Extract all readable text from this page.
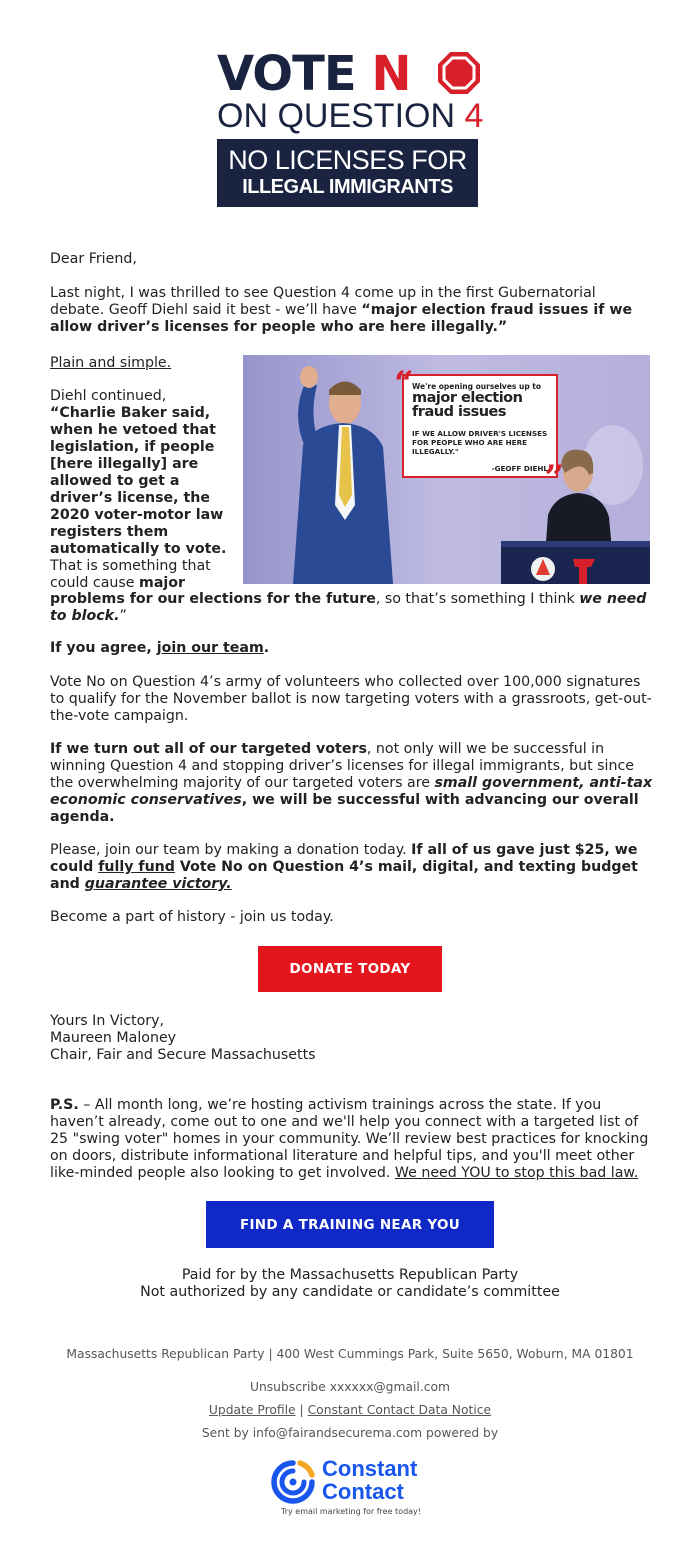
VOTE N
ON QUESTION 4
NO LICENSES FOR
ILLEGAL IMMIGRANTS

Dear Friend,

Last night, I was thrilled to see Question 4 come up in the first Gubernatorial debate. Geoff Diehl said it best - we’ll have “major election fraud issues if we allow driver’s licenses for people who are here illegally.”

Plain and simple.

“
We're opening ourselves up to
major election fraud issues
IF WE ALLOW DRIVER'S LICENSES FOR PEOPLE WHO ARE HERE ILLEGALLY."
-GEOFF DIEHL
”

Diehl continued,

“Charlie Baker said, when he vetoed that legislation, if people [here illegally] are allowed to get a driver’s license, the 2020 voter-motor law registers them automatically to vote.

That is something that could cause major

problems for our elections for the future, so that’s something I think we need to block.”

If you agree, join our team.

Vote No on Question 4’s army of volunteers who collected over 100,000 signatures to qualify for the November ballot is now targeting voters with a grassroots, get-out-the-vote campaign.

If we turn out all of our targeted voters, not only will we be successful in winning Question 4 and stopping driver’s licenses for illegal immigrants, but since the overwhelming majority of our targeted voters are small government, anti-tax economic conservatives, we will be successful with advancing our overall agenda.

Please, join our team by making a donation today. If all of us gave just $25, we could fully fund Vote No on Question 4’s mail, digital, and texting budget and guarantee victory.

Become a part of history - join us today.

DONATE TODAY

Yours In Victory,

Maureen Maloney

Chair, Fair and Secure Massachusetts

P.S. – All month long, we’re hosting activism trainings across the state. If you haven’t already, come out to one and we'll help you connect with a targeted list of 25 "swing voter" homes in your community. We’ll review best practices for knocking on doors, distribute informational literature and helpful tips, and you'll meet other like-minded people also looking to get involved. We need YOU to stop this bad law.

FIND A TRAINING NEAR YOU
Paid for by the Massachusetts Republican Party
Not authorized by any candidate or candidate’s committee
Massachusetts Republican Party | 400 West Cummings Park, Suite 5650, Woburn, MA 01801
Unsubscribe xxxxxx@gmail.com
Update Profile | Constant Contact Data Notice
Sent by info@fairandsecurema.com powered by
Constant
Contact
Try email marketing for free today!
